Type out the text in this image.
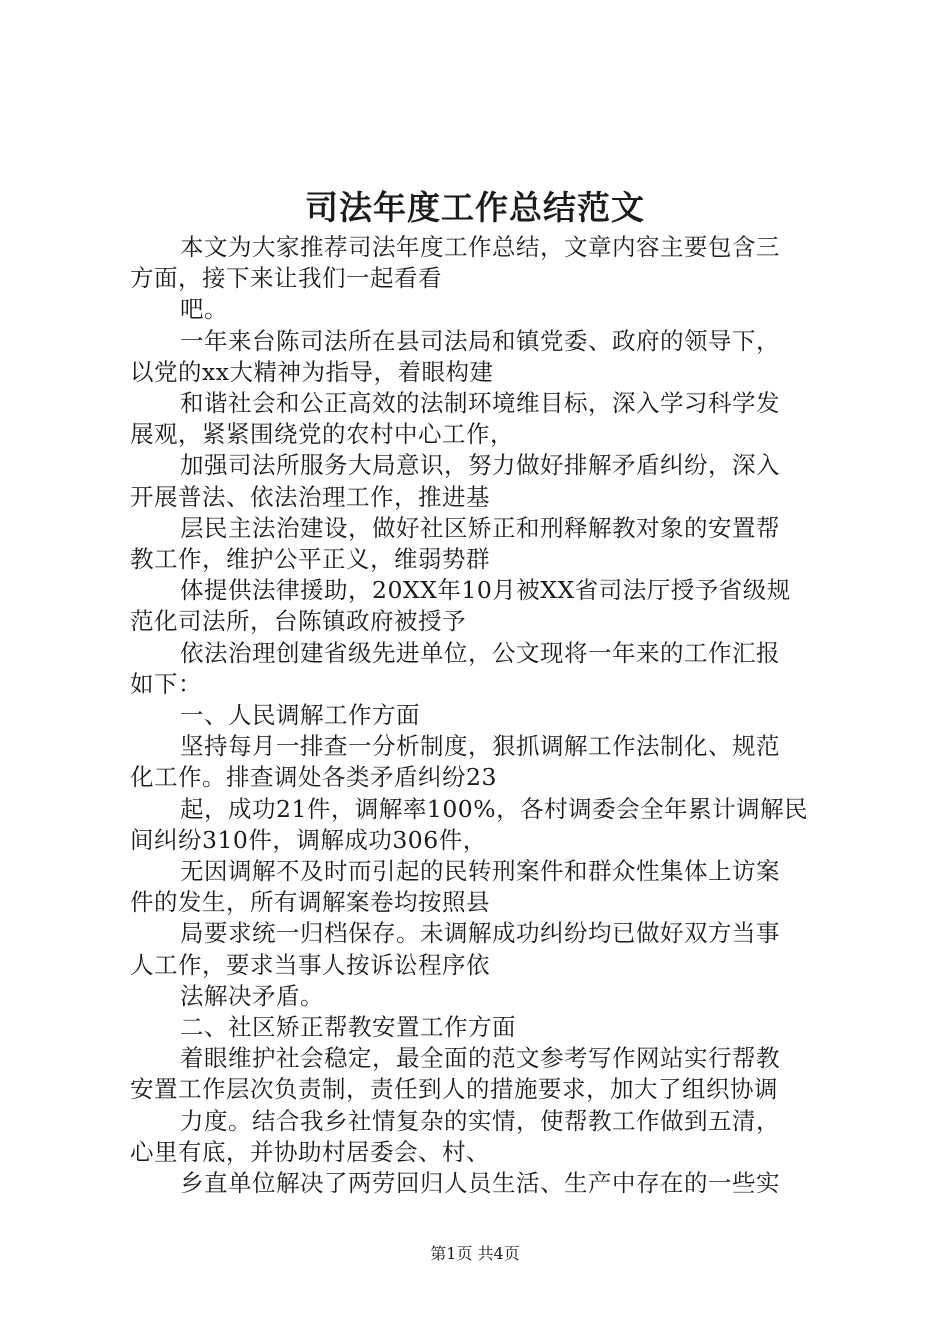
司法年度工作总结范文
本文为大家推荐司法年度工作总结，文章内容主要包含三
方面，接下来让我们一起看看
吧。
一年来台陈司法所在县司法局和镇党委、政府的领导下，
以党的xx大精神为指导，着眼构建
和谐社会和公正高效的法制环境维目标，深入学习科学发
展观，紧紧围绕党的农村中心工作，
加强司法所服务大局意识，努力做好排解矛盾纠纷，深入
开展普法、依法治理工作，推进基
层民主法治建设，做好社区矫正和刑释解教对象的安置帮
教工作，维护公平正义，维弱势群
体提供法律援助，20XX年10月被XX省司法厅授予省级规
范化司法所，台陈镇政府被授予
依法治理创建省级先进单位，公文现将一年来的工作汇报
如下：
一、人民调解工作方面
坚持每月一排查一分析制度，狠抓调解工作法制化、规范
化工作。排查调处各类矛盾纠纷23
起，成功21件，调解率100%，各村调委会全年累计调解民
间纠纷310件，调解成功306件，
无因调解不及时而引起的民转刑案件和群众性集体上访案
件的发生，所有调解案卷均按照县
局要求统一归档保存。未调解成功纠纷均已做好双方当事
人工作，要求当事人按诉讼程序依
法解决矛盾。
二、社区矫正帮教安置工作方面
着眼维护社会稳定，最全面的范文参考写作网站实行帮教
安置工作层次负责制，责任到人的措施要求，加大了组织协调
力度。结合我乡社情复杂的实情，使帮教工作做到五清，
心里有底，并协助村居委会、村、
乡直单位解决了两劳回归人员生活、生产中存在的一些实
第1页 共4页
